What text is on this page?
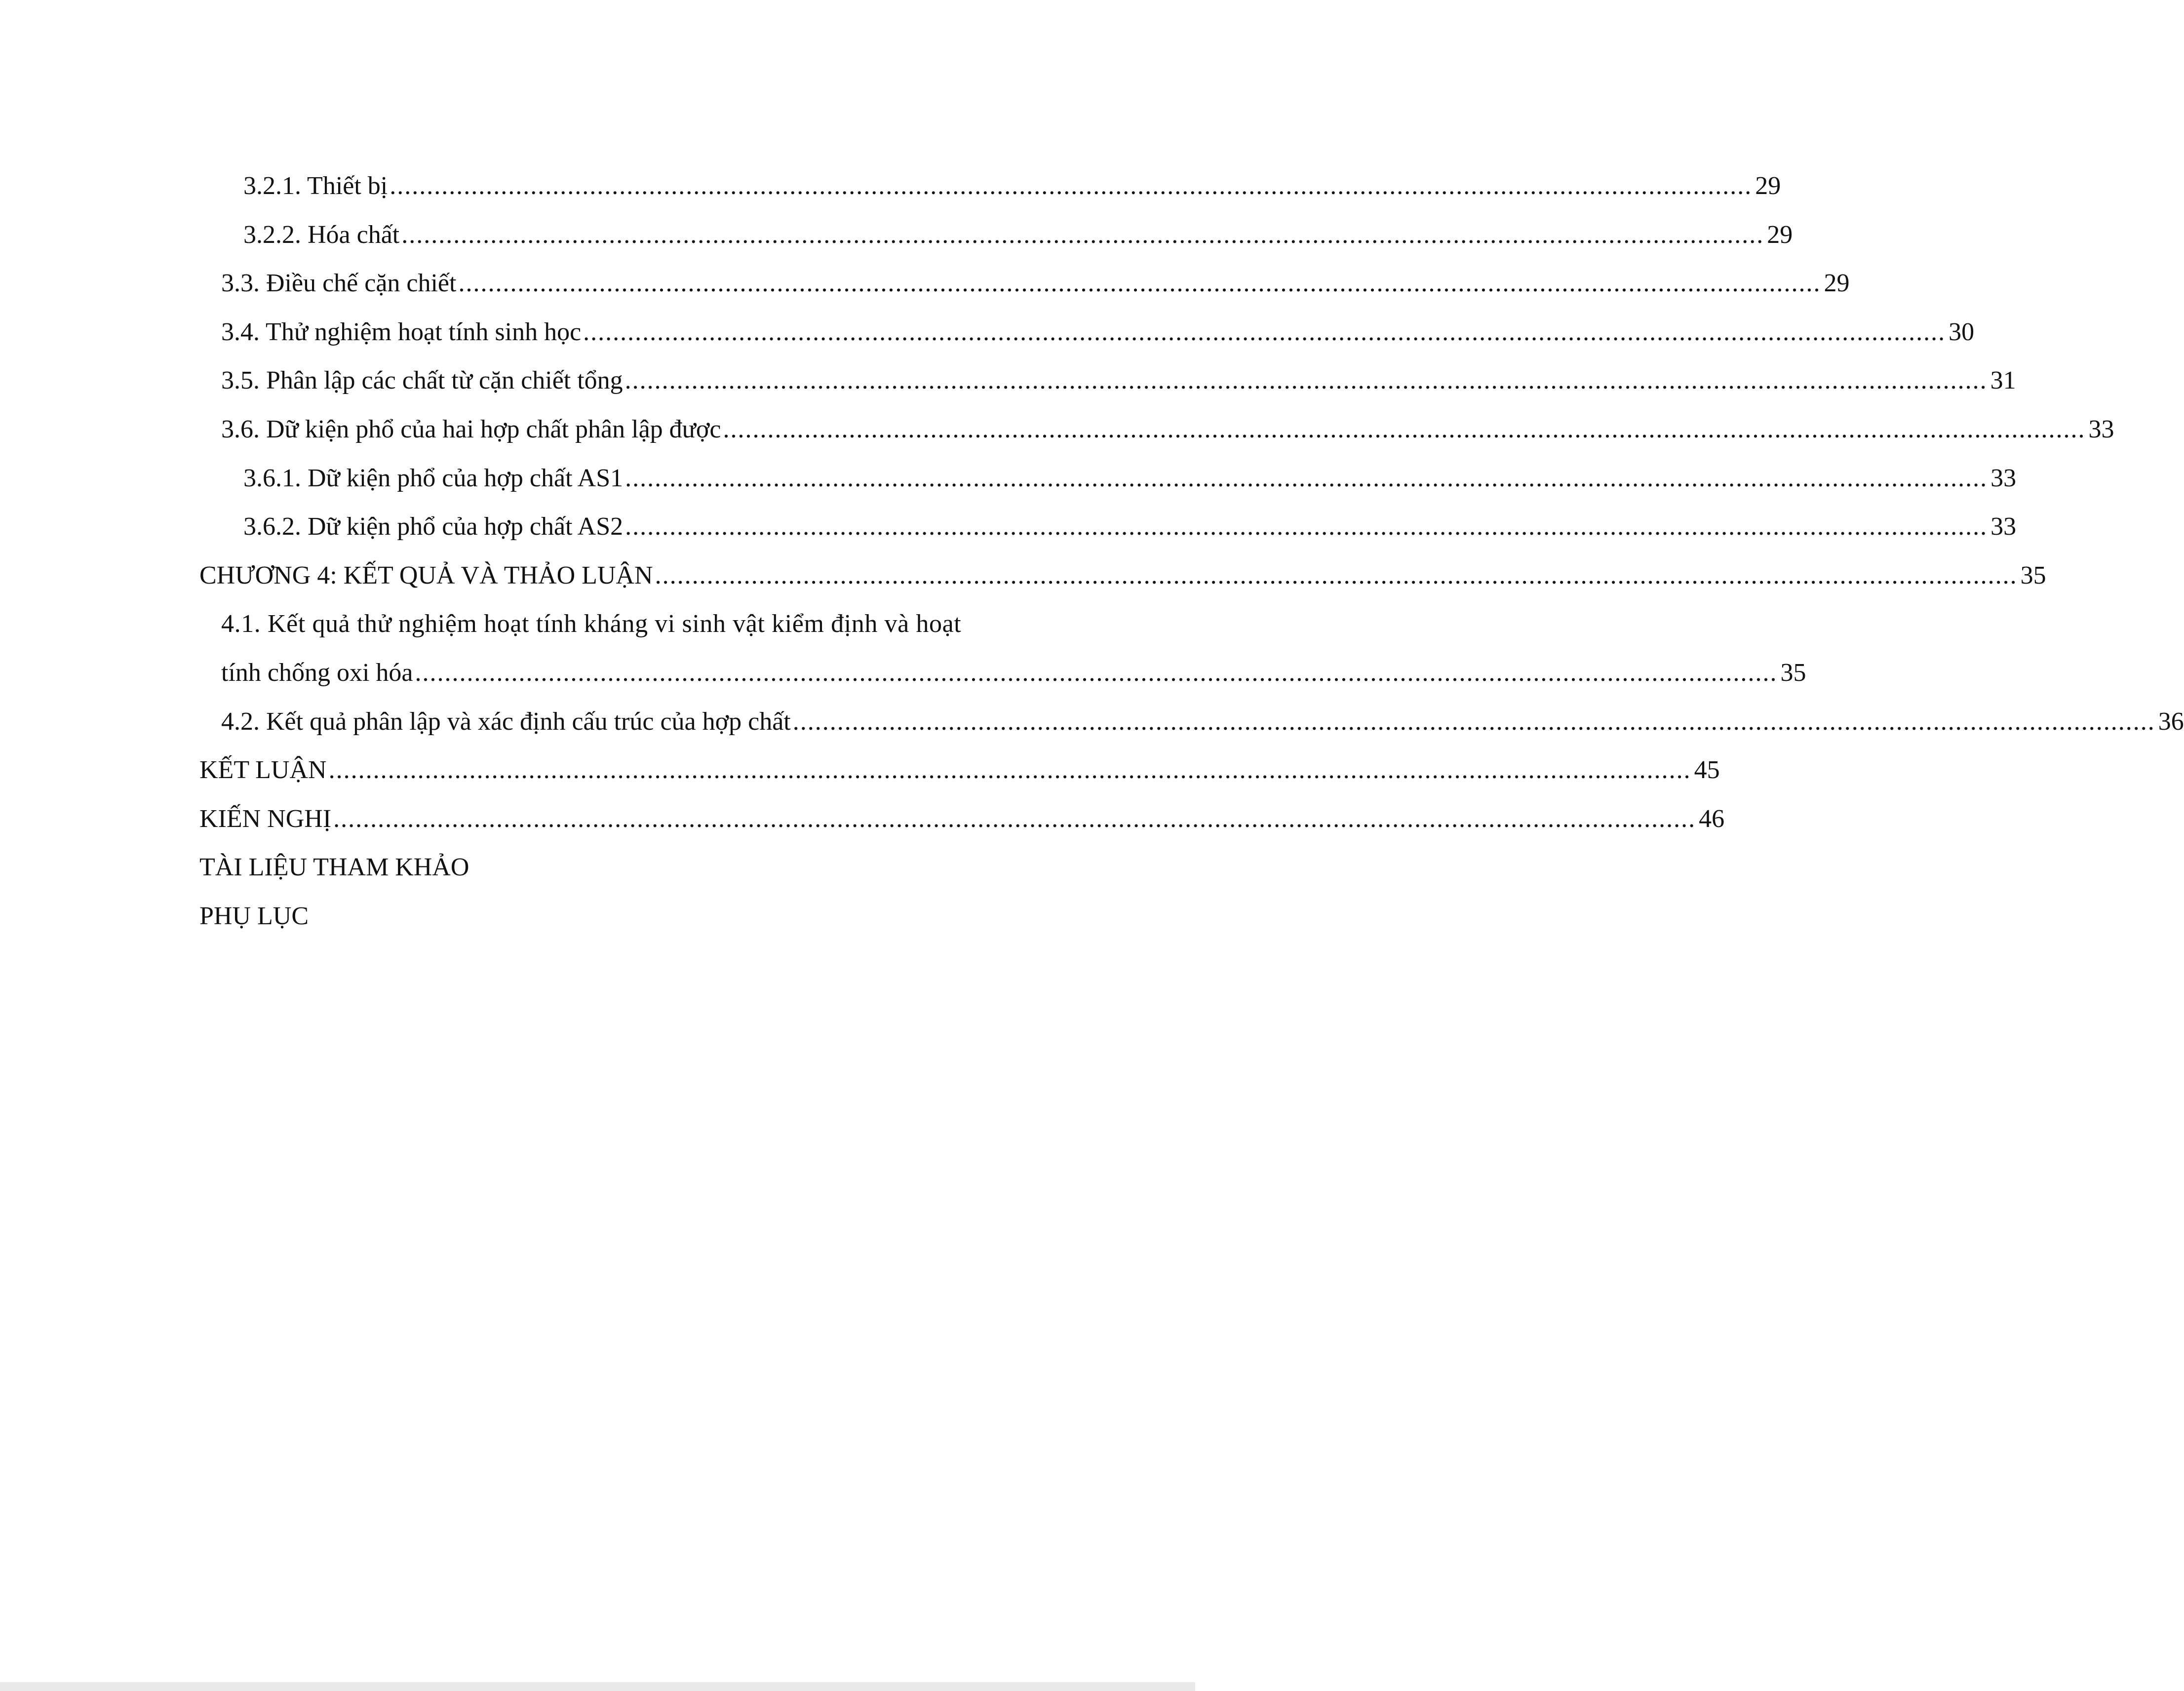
3.2.1. Thiết bị ........................................................................................................................................................................................ 29
3.2.2. Hóa chất ........................................................................................................................................................................................ 29
3.3. Điều chế cặn chiết ........................................................................................................................................................................................ 29
3.4. Thử nghiệm hoạt tính sinh học ........................................................................................................................................................................................ 30
3.5. Phân lập các chất từ cặn chiết tổng ........................................................................................................................................................................................ 31
3.6. Dữ kiện phổ của hai hợp chất phân lập được ........................................................................................................................................................................................ 33
3.6.1. Dữ kiện phổ của hợp chất AS1 ........................................................................................................................................................................................ 33
3.6.2. Dữ kiện phổ của hợp chất AS2 ........................................................................................................................................................................................ 33
CHƯƠNG 4: KẾT QUẢ VÀ THẢO LUẬN ........................................................................................................................................................................................ 35
4.1. Kết quả thử nghiệm hoạt tính kháng vi sinh vật kiểm định và hoạt
tính chống oxi hóa ........................................................................................................................................................................................ 35
4.2. Kết quả phân lập và xác định cấu trúc của hợp chất ........................................................................................................................................................................................ 36
KẾT LUẬN ........................................................................................................................................................................................ 45
KIẾN NGHỊ ........................................................................................................................................................................................ 46
TÀI LIỆU THAM KHẢO
PHỤ LỤC
